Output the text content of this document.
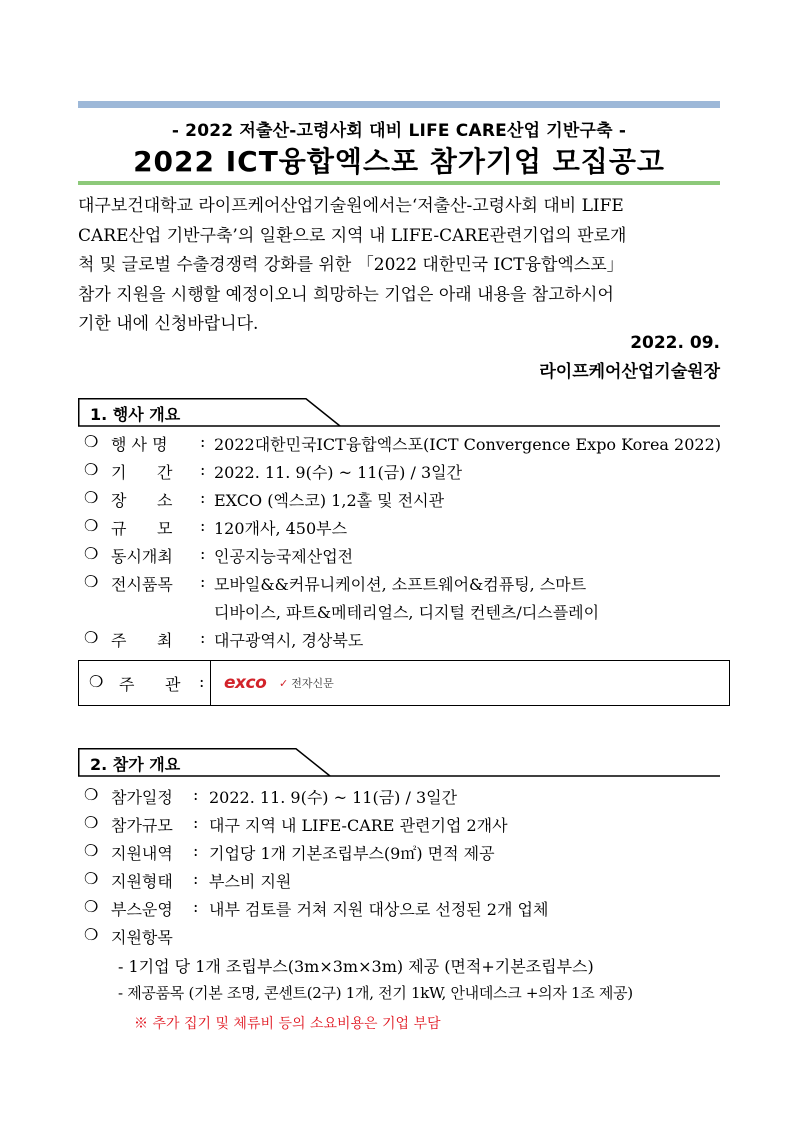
- 2022 저출산-고령사회 대비 LIFE CARE산업 기반구축 -
2022 ICT융합엑스포 참가기업 모집공고

대구보건대학교 라이프케어산업기술원에서는‘저출산-고령사회 대비 LIFE

CARE산업 기반구축’의 일환으로 지역 내 LIFE-CARE관련기업의 판로개

척 및 글로벌 수출경쟁력 강화를 위한 「2022 대한민국 ICT융합엑스포」

참가 지원을 시행할 예정이오니 희망하는 기업은 아래 내용을 참고하시어

기한 내에 신청바랍니다.

2022. 09.
라이프케어산업기술원장
1. 행사 개요
❍ 행 사 명 : 2022대한민국ICT융합엑스포(ICT Convergence Expo Korea 2022)
❍ 기      간 : 2022. 11. 9(수) ~ 11(금) / 3일간
❍ 장      소 : EXCO (엑스코) 1,2홀 및 전시관
❍ 규      모 : 120개사, 450부스
❍ 동시개최 : 인공지능국제산업전
❍ 전시품목 : 모바일&&커뮤니케이션, 소프트웨어&컴퓨팅, 스마트
디바이스, 파트&메테리얼스, 디지털 컨텐츠/디스플레이
❍ 주      최 : 대구광역시, 경상북도
❍ 주      관 : exco ✓ 전자신문
2. 참가 개요
❍ 참가일정 : 2022. 11. 9(수) ~ 11(금) / 3일간
❍ 참가규모 : 대구 지역 내 LIFE-CARE 관련기업 2개사
❍ 지원내역 : 기업당 1개 기본조립부스(9㎡) 면적 제공
❍ 지원형태 : 부스비 지원
❍ 부스운영 : 내부 검토를 거쳐 지원 대상으로 선정된 2개 업체
❍ 지원항목
- 1기업 당 1개 조립부스(3m×3m×3m) 제공 (면적+기본조립부스)
- 제공품목 (기본 조명, 콘센트(2구) 1개, 전기 1kW, 안내데스크 +의자 1조 제공)
※ 추가 집기 및 체류비 등의 소요비용은 기업 부담
